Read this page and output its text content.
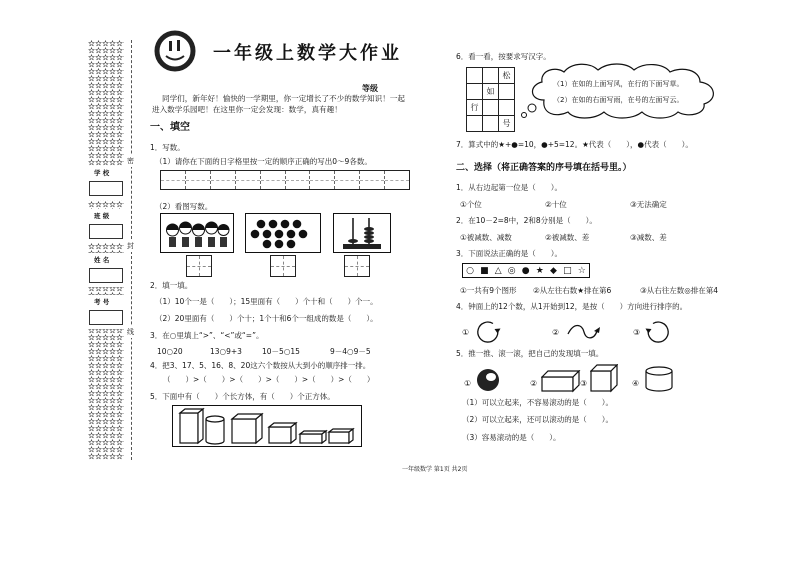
学 校
班 级
姓 名
考 号
密
封
线
一年级上数学大作业
等级
同学们，新年好！愉快的一学期里，你一定增长了不少的数学知识！一起
进入数学乐园吧！在这里你一定会发现：数学，真有趣！
一、填空
1．写数。
（1）请你在下面的日字格里按一定的顺序正确的写出0～9各数。
（2）看图写数。
2．填一填。
（1）10个一是（　　）；15里面有（　　）个十和（　　）个一。
（2）20里面有（　　）个十；1个十和6个一组成的数是（　　）。
3．在○里填上“>”、“<”或“=”。
10○20	13○9+3	10－5○15	9－4○9－5
4．把3、17、5、16、8、20这六个数按从大到小的顺序排一排。
（　　）>（　　）>（　　）>（　　）>（　　）>（　　）
5．下面中有（　　）个长方体，有（　　）个正方体。
6．看一看，按要求写汉字。
松
如
行
号
（1）在如的上面写风，在行的下面写草。
（2）在如的右面写雨，在号的左面写云。
7．算式中的★+●=10，●+5=12。★代表（　　），●代表（　　）。
二、选择（将正确答案的序号填在括号里。）
1．从右边起第一位是（　　）。
①个位	②十位	③无法确定
2．在10－2=8中，2和8分别是（　　）。
①被减数、减数	②被减数、差	③减数、差
3．下面说法正确的是（　　）。
○ ■ △ ◎ ● ★ ◆ □ ☆
①一共有9个图形 ②从左往右数★排在第6	③从右往左数◎排在第4
4．钟面上的12个数，从1开始到12，是按（　　）方向进行排序的。
①	②	③
5．推一推、滚一滚，把自己的发现填一填。
①	②	③	④
（1）可以立起来，不容易滚动的是（　　）。
（2）可以立起来，还可以滚动的是（　　）。
（3）容易滚动的是（　　）。
一年级数学 第1页 共2页
